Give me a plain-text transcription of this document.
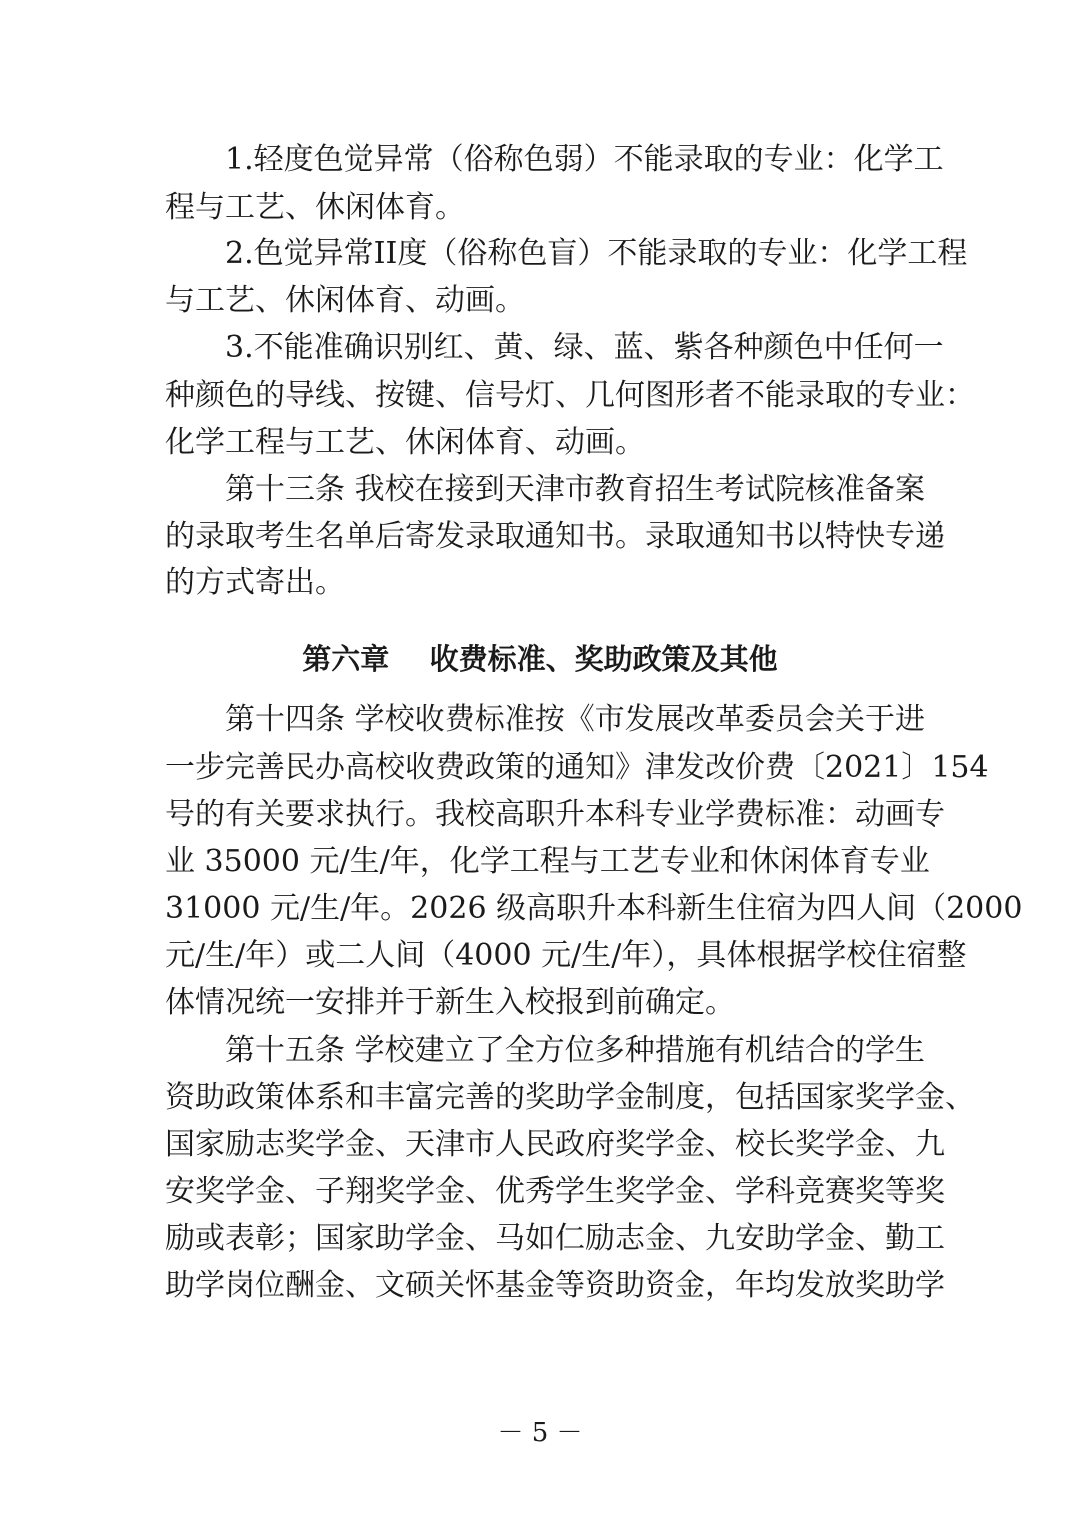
1.轻度色觉异常（俗称色弱）不能录取的专业：化学工
程与工艺、休闲体育。
2.色觉异常II度（俗称色盲）不能录取的专业：化学工程
与工艺、休闲体育、动画。
3.不能准确识别红、黄、绿、蓝、紫各种颜色中任何一
种颜色的导线、按键、信号灯、几何图形者不能录取的专业：
化学工程与工艺、休闲体育、动画。
第十三条 我校在接到天津市教育招生考试院核准备案
的录取考生名单后寄发录取通知书。录取通知书以特快专递
的方式寄出。
第六章    收费标准、奖助政策及其他
第十四条 学校收费标准按《市发展改革委员会关于进
一步完善民办高校收费政策的通知》津发改价费〔2021〕154
号的有关要求执行。我校高职升本科专业学费标准：动画专
业 35000 元/生/年，化学工程与工艺专业和休闲体育专业
31000 元/生/年。2026 级高职升本科新生住宿为四人间（2000
元/生/年）或二人间（4000 元/生/年），具体根据学校住宿整
体情况统一安排并于新生入校报到前确定。
第十五条 学校建立了全方位多种措施有机结合的学生
资助政策体系和丰富完善的奖助学金制度，包括国家奖学金、
国家励志奖学金、天津市人民政府奖学金、校长奖学金、九
安奖学金、子翔奖学金、优秀学生奖学金、学科竞赛奖等奖
励或表彰；国家助学金、马如仁励志金、九安助学金、勤工
助学岗位酬金、文硕关怀基金等资助资金，年均发放奖助学
－ 5 －
